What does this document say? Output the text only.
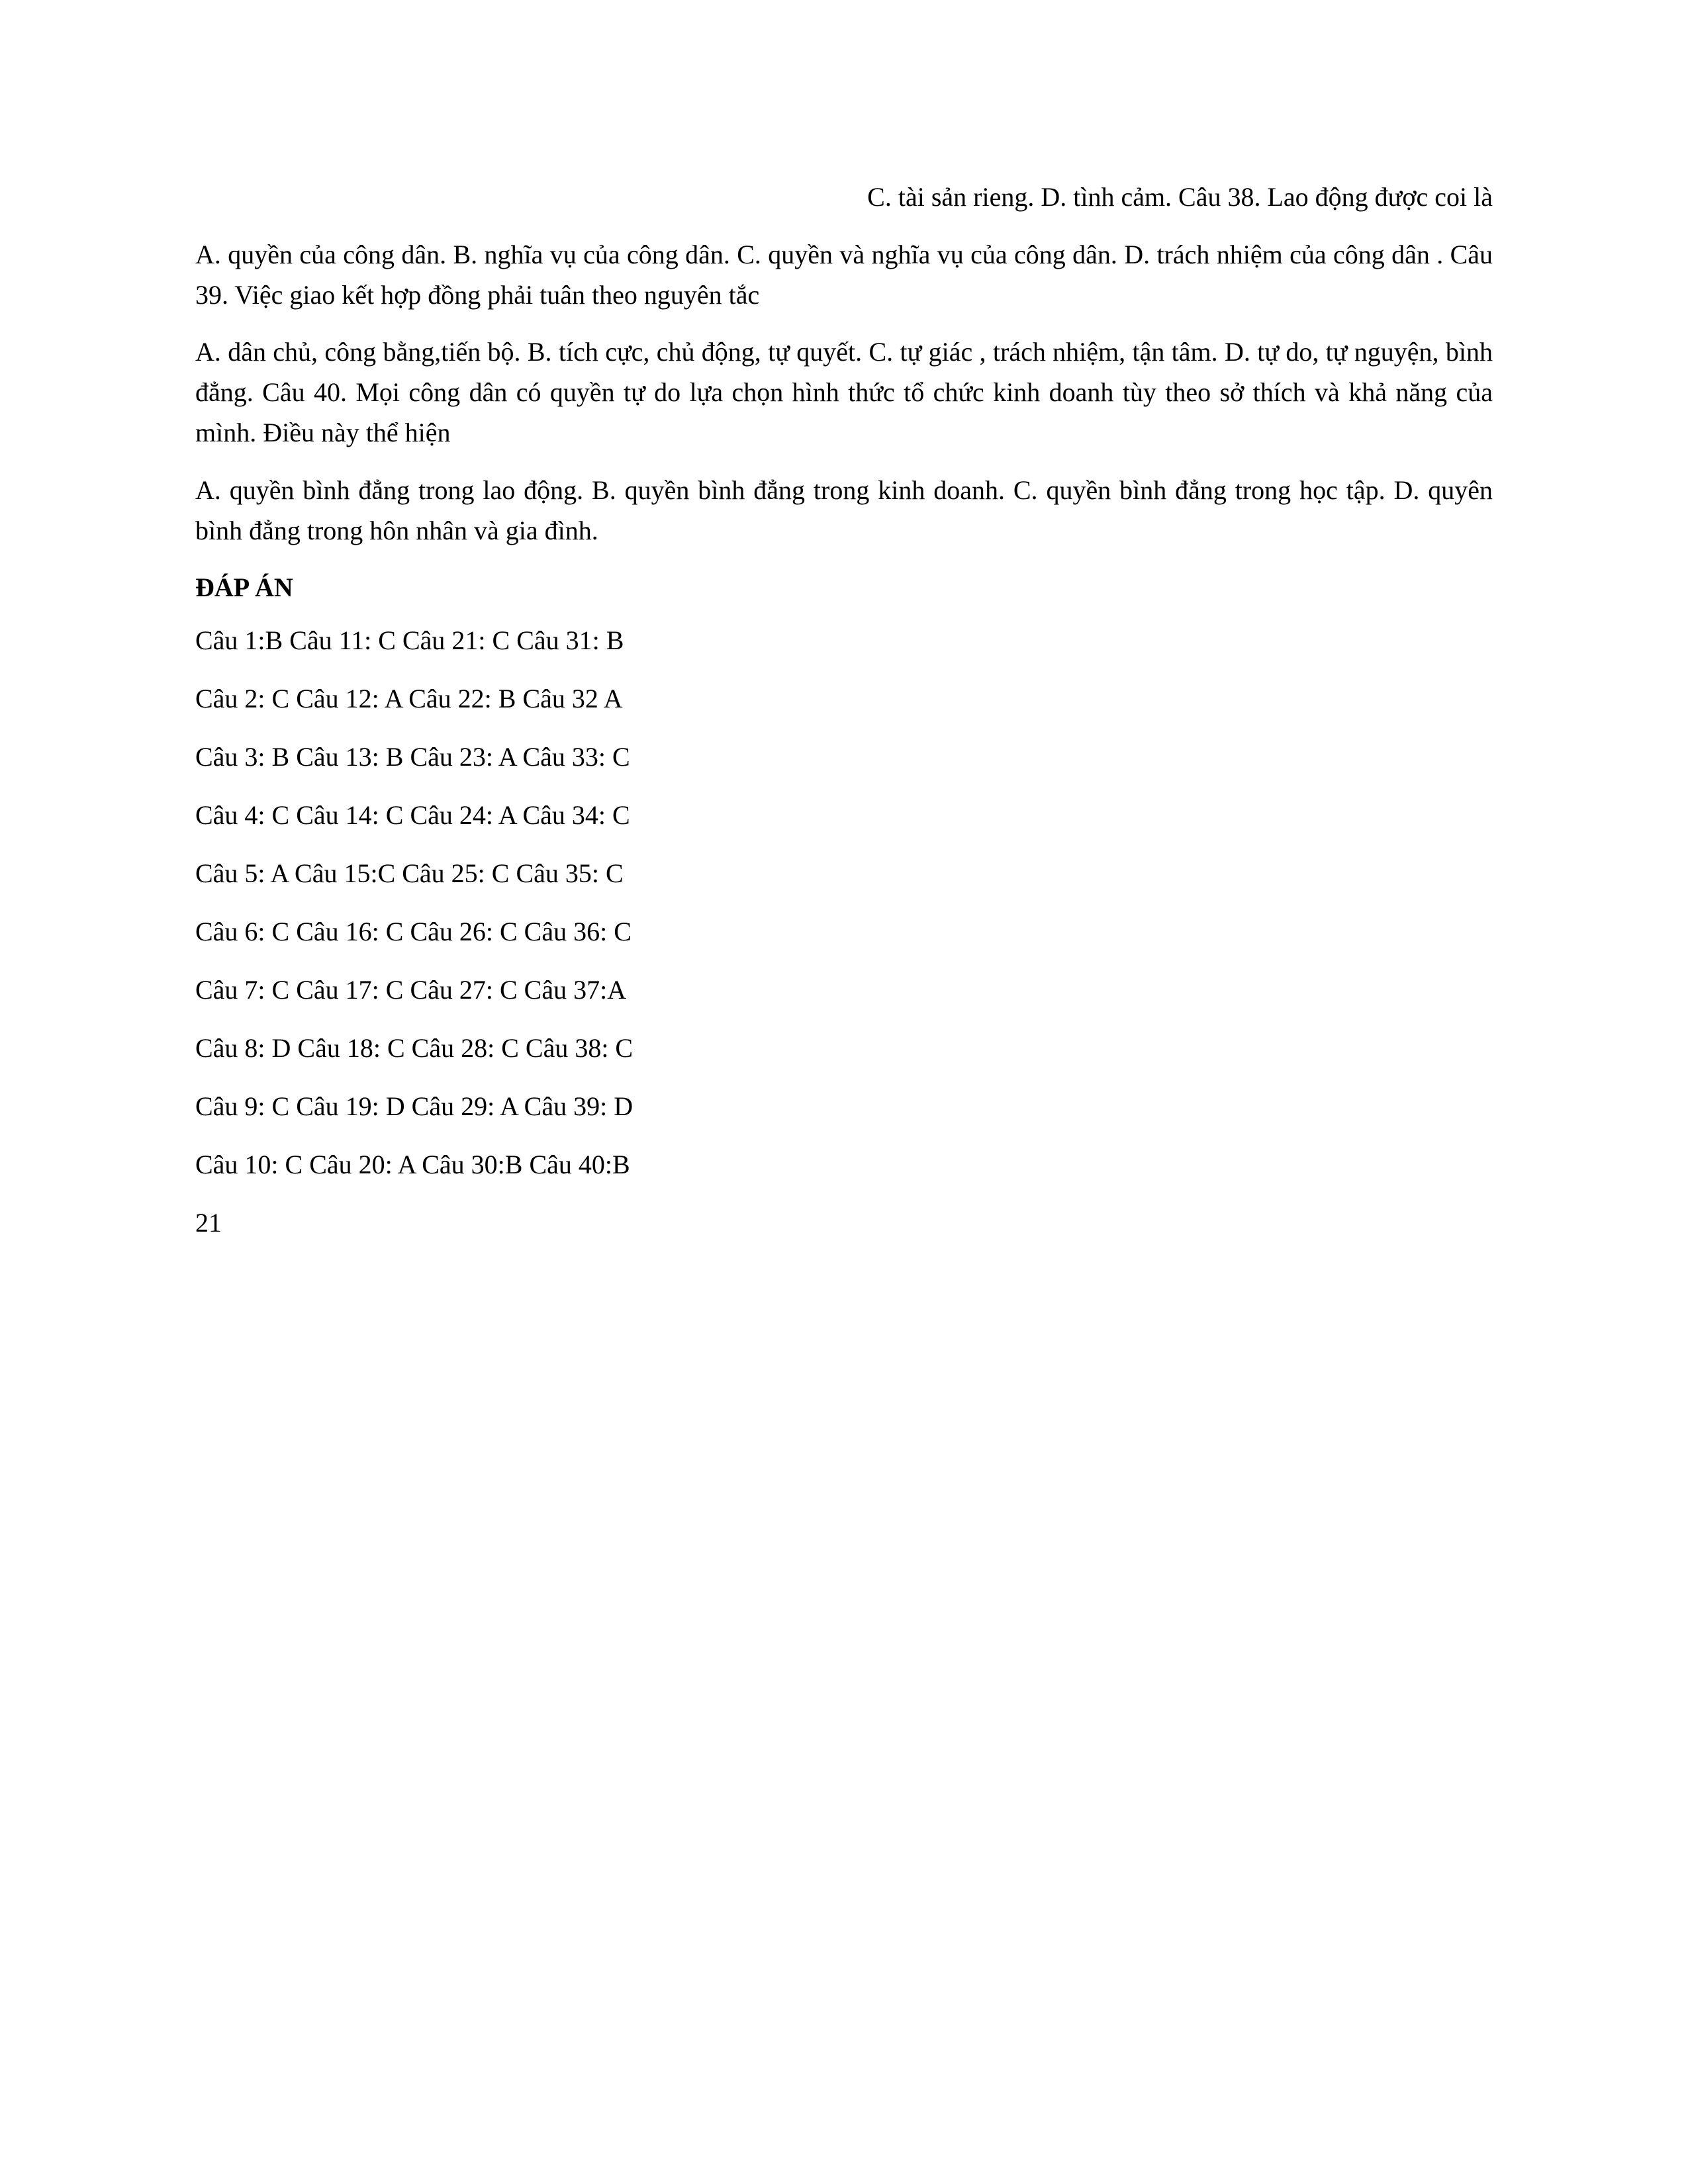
C. tài sản rieng. D. tình cảm. Câu 38. Lao động được coi là

A. quyền của công dân. B. nghĩa vụ của công dân. C. quyền và nghĩa vụ của công dân. D. trách nhiệm của công dân . Câu 39. Việc giao kết hợp đồng phải tuân theo nguyên tắc

A. dân chủ, công bằng,tiến bộ. B. tích cực, chủ động, tự quyết. C. tự giác , trách nhiệm, tận tâm. D. tự do, tự nguyện, bình đẳng. Câu 40. Mọi công dân có quyền tự do lựa chọn hình thức tổ chức kinh doanh tùy theo sở thích và khả năng của mình. Điều này thể hiện

A. quyền bình đẳng trong lao động. B. quyền bình đẳng trong kinh doanh. C. quyền bình đẳng trong học tập. D. quyên bình đẳng trong hôn nhân và gia đình.

ĐÁP ÁN

Câu 1:B Câu 11: C Câu 21: C Câu 31: B

Câu 2: C Câu 12: A Câu 22: B Câu 32 A

Câu 3: B Câu 13: B Câu 23: A Câu 33: C

Câu 4: C Câu 14: C Câu 24: A Câu 34: C

Câu 5: A Câu 15:C Câu 25: C Câu 35: C

Câu 6: C Câu 16: C Câu 26: C Câu 36: C

Câu 7: C Câu 17: C Câu 27: C Câu 37:A

Câu 8: D Câu 18: C Câu 28: C Câu 38: C

Câu 9: C Câu 19: D Câu 29: A Câu 39: D

Câu 10: C Câu 20: A Câu 30:B Câu 40:B

21
